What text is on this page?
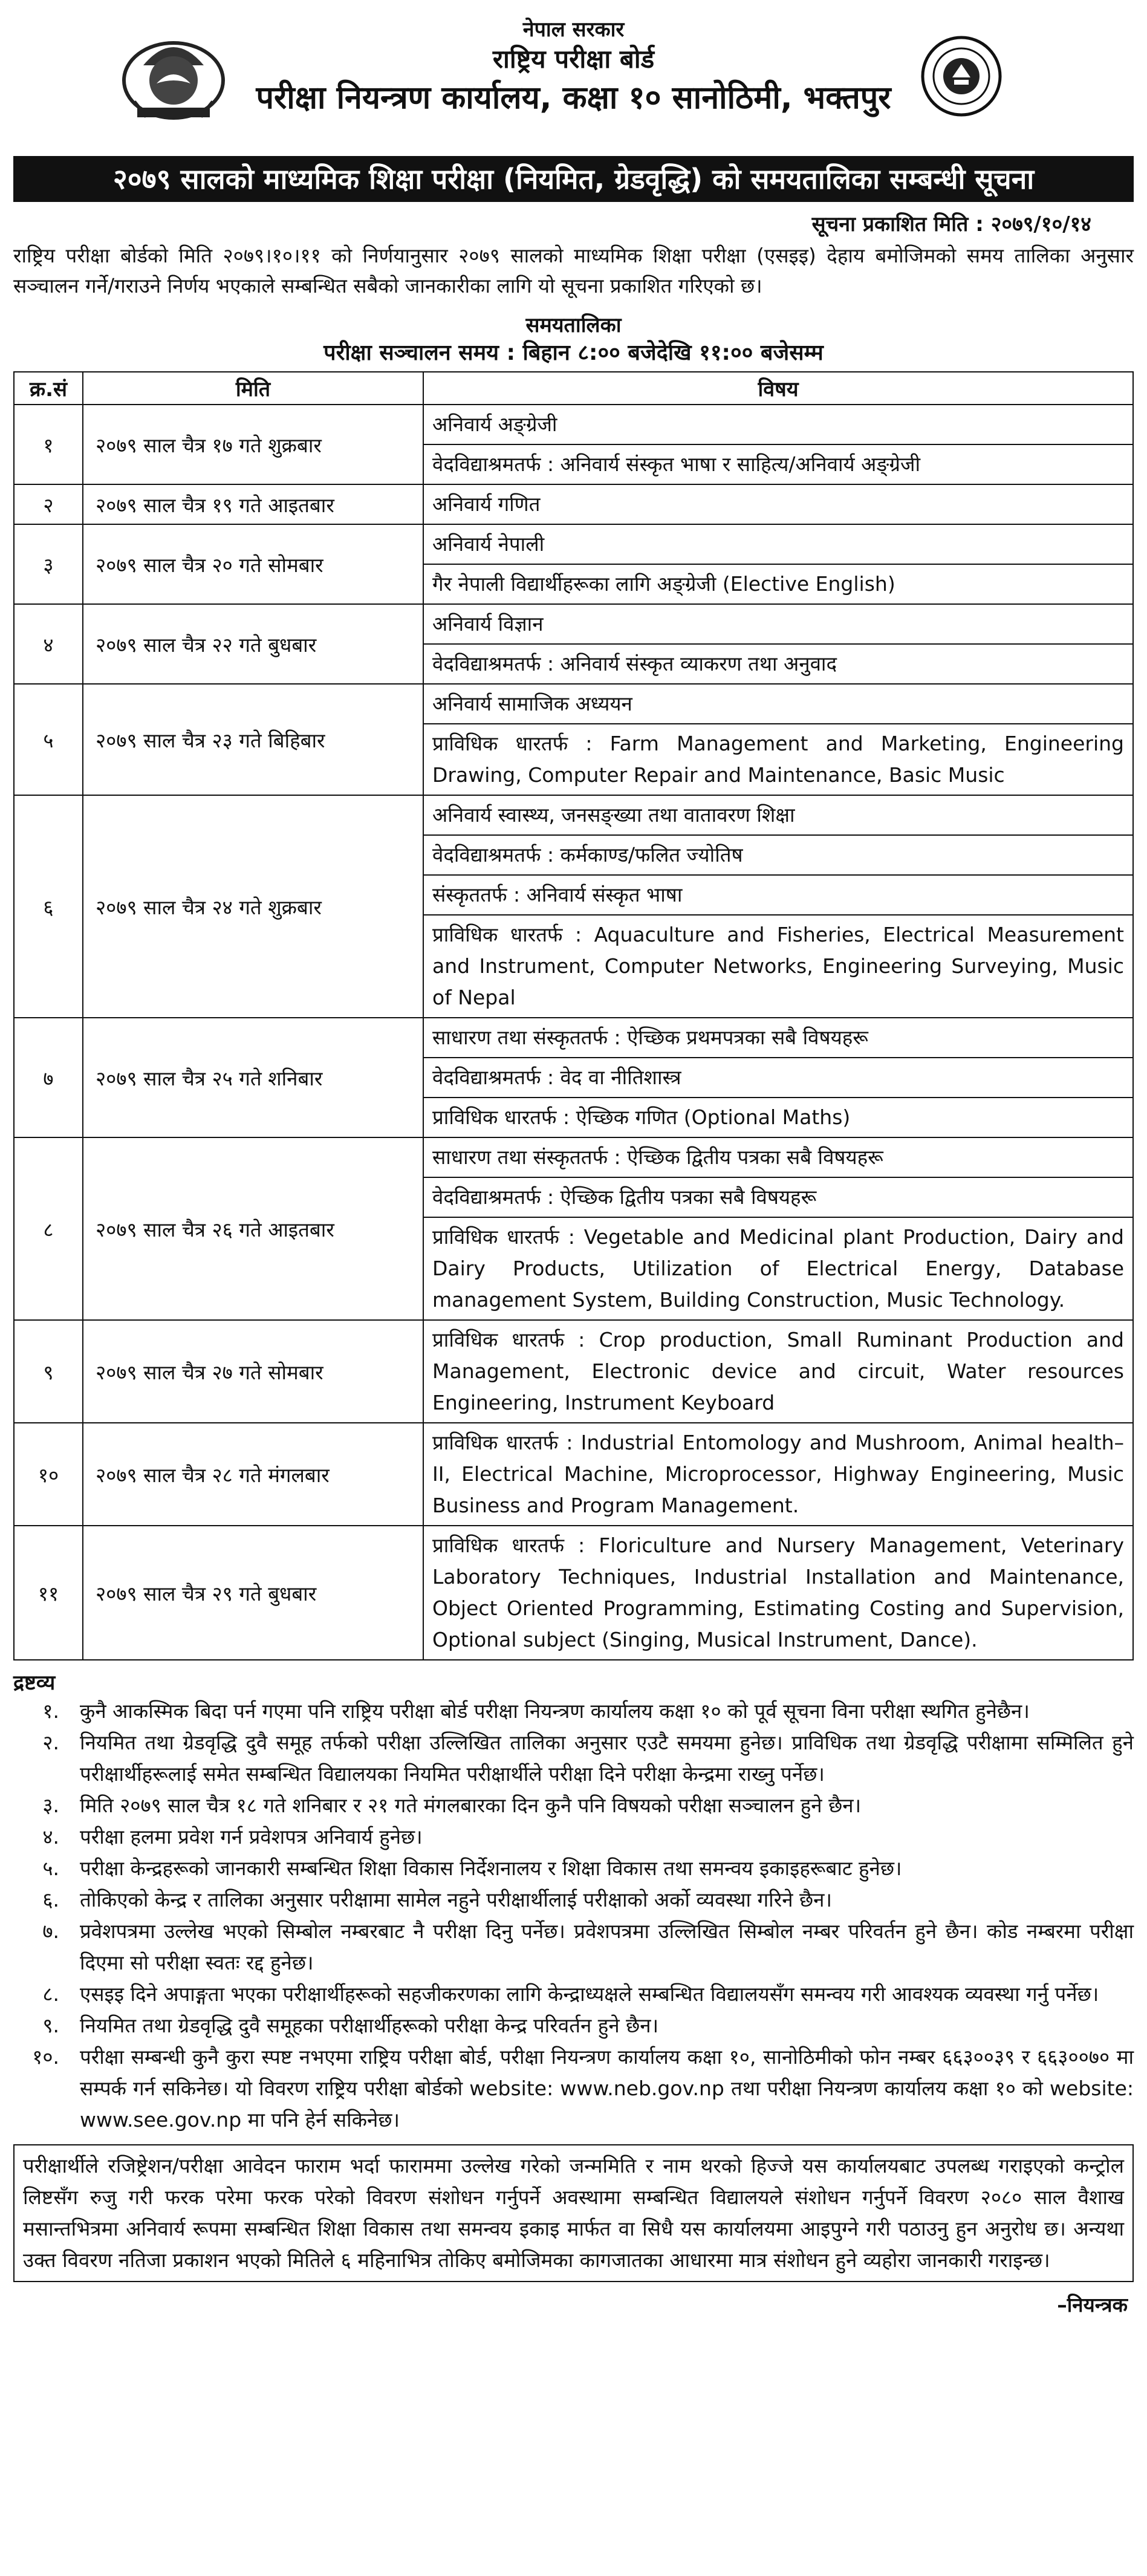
नेपाल सरकार
राष्ट्रिय परीक्षा बोर्ड
परीक्षा नियन्त्रण कार्यालय, कक्षा १० सानोठिमी, भक्तपुर
२०७९ सालको माध्यमिक शिक्षा परीक्षा (नियमित, ग्रेडवृद्धि) को समयतालिका सम्बन्धी सूचना
सूचना प्रकाशित मिति : २०७९/१०/१४
राष्ट्रिय परीक्षा बोर्डको मिति २०७९।१०।११ को निर्णयानुसार २०७९ सालको माध्यमिक शिक्षा परीक्षा (एसइइ) देहाय बमोजिमको समय तालिका अनुसार सञ्चालन गर्ने/गराउने निर्णय भएकाले सम्बन्धित सबैको जानकारीका लागि यो सूचना प्रकाशित गरिएको छ।
समयतालिका
परीक्षा सञ्चालन समय : बिहान ८:०० बजेदेखि ११:०० बजेसम्म
क्र.सं	मिति	विषय
१	२०७९ साल चैत्र १७ गते शुक्रबार	अनिवार्य अङ्ग्रेजी
वेदविद्याश्रमतर्फ : अनिवार्य संस्कृत भाषा र साहित्य/अनिवार्य अङ्ग्रेजी

२	२०७९ साल चैत्र १९ गते आइतबार	अनिवार्य गणित

३	२०७९ साल चैत्र २० गते सोमबार	अनिवार्य नेपाली
गैर नेपाली विद्यार्थीहरूका लागि अङ्ग्रेजी (Elective English)

४	२०७९ साल चैत्र २२ गते बुधबार	अनिवार्य विज्ञान
वेदविद्याश्रमतर्फ : अनिवार्य संस्कृत व्याकरण तथा अनुवाद

५	२०७९ साल चैत्र २३ गते बिहिबार	अनिवार्य सामाजिक अध्ययन
प्राविधिक धारतर्फ : Farm Management and Marketing, Engineering Drawing, Computer Repair and Maintenance, Basic Music

६	२०७९ साल चैत्र २४ गते शुक्रबार	अनिवार्य स्वास्थ्य, जनसङ्ख्या तथा वातावरण शिक्षा
वेदविद्याश्रमतर्फ : कर्मकाण्ड/फलित ज्योतिष
संस्कृततर्फ : अनिवार्य संस्कृत भाषा
प्राविधिक धारतर्फ : Aquaculture and Fisheries, Electrical Measurement and Instrument, Computer Networks, Engineering Surveying, Music of Nepal

७	२०७९ साल चैत्र २५ गते शनिबार	साधारण तथा संस्कृततर्फ : ऐच्छिक प्रथमपत्रका सबै विषयहरू
वेदविद्याश्रमतर्फ : वेद वा नीतिशास्त्र
प्राविधिक धारतर्फ : ऐच्छिक गणित (Optional Maths)

८	२०७९ साल चैत्र २६ गते आइतबार	साधारण तथा संस्कृततर्फ : ऐच्छिक द्वितीय पत्रका सबै विषयहरू
वेदविद्याश्रमतर्फ : ऐच्छिक द्वितीय पत्रका सबै विषयहरू
प्राविधिक धारतर्फ : Vegetable and Medicinal plant Production, Dairy and Dairy Products, Utilization of Electrical Energy, Database management System, Building Construction, Music Technology.

९	२०७९ साल चैत्र २७ गते सोमबार	प्राविधिक धारतर्फ : Crop production, Small Ruminant Production and Management, Electronic device and circuit, Water resources Engineering, Instrument Keyboard

१०	२०७९ साल चैत्र २८ गते मंगलबार	प्राविधिक धारतर्फ : Industrial Entomology and Mushroom, Animal health–II, Electrical Machine, Microprocessor, Highway Engineering, Music Business and Program Management.

११	२०७९ साल चैत्र २९ गते बुधबार	प्राविधिक धारतर्फ : Floriculture and Nursery Management, Veterinary Laboratory Techniques, Industrial Installation and Maintenance, Object Oriented Programming, Estimating Costing and Supervision, Optional subject (Singing, Musical Instrument, Dance).
द्रष्टव्य
१.	कुनै आकस्मिक बिदा पर्न गएमा पनि राष्ट्रिय परीक्षा बोर्ड परीक्षा नियन्त्रण कार्यालय कक्षा १० को पूर्व सूचना विना परीक्षा स्थगित हुनेछैन।
२.	नियमित तथा ग्रेडवृद्धि दुवै समूह तर्फको परीक्षा उल्लिखित तालिका अनुसार एउटै समयमा हुनेछ। प्राविधिक तथा ग्रेडवृद्धि परीक्षामा सम्मिलित हुने परीक्षार्थीहरूलाई समेत सम्बन्धित विद्यालयका नियमित परीक्षार्थीले परीक्षा दिने परीक्षा केन्द्रमा राख्नु पर्नेछ।
३.	मिति २०७९ साल चैत्र १८ गते शनिबार र २१ गते मंगलबारका दिन कुनै पनि विषयको परीक्षा सञ्चालन हुने छैन।
४.	परीक्षा हलमा प्रवेश गर्न प्रवेशपत्र अनिवार्य हुनेछ।
५.	परीक्षा केन्द्रहरूको जानकारी सम्बन्धित शिक्षा विकास निर्देशनालय र शिक्षा विकास तथा समन्वय इकाइहरूबाट हुनेछ।
६.	तोकिएको केन्द्र र तालिका अनुसार परीक्षामा सामेल नहुने परीक्षार्थीलाई परीक्षाको अर्को व्यवस्था गरिने छैन।
७.	प्रवेशपत्रमा उल्लेख भएको सिम्बोल नम्बरबाट नै परीक्षा दिनु पर्नेछ। प्रवेशपत्रमा उल्लिखित सिम्बोल नम्बर परिवर्तन हुने छैन। कोड नम्बरमा परीक्षा दिएमा सो परीक्षा स्वतः रद्द हुनेछ।
८.	एसइइ दिने अपाङ्गता भएका परीक्षार्थीहरूको सहजीकरणका लागि केन्द्राध्यक्षले सम्बन्धित विद्यालयसँग समन्वय गरी आवश्यक व्यवस्था गर्नु पर्नेछ।
९.	नियमित तथा ग्रेडवृद्धि दुवै समूहका परीक्षार्थीहरूको परीक्षा केन्द्र परिवर्तन हुने छैन।
१०.	परीक्षा सम्बन्धी कुनै कुरा स्पष्ट नभएमा राष्ट्रिय परीक्षा बोर्ड, परीक्षा नियन्त्रण कार्यालय कक्षा १०, सानोठिमीको फोन नम्बर ६६३००३९ र ६६३००७० मा सम्पर्क गर्न सकिनेछ। यो विवरण राष्ट्रिय परीक्षा बोर्डको website: www.neb.gov.np तथा परीक्षा नियन्त्रण कार्यालय कक्षा १० को website: www.see.gov.np मा पनि हेर्न सकिनेछ।
परीक्षार्थीले रजिष्ट्रेशन/परीक्षा आवेदन फाराम भर्दा फाराममा उल्लेख गरेको जन्ममिति र नाम थरको हिज्जे यस कार्यालयबाट उपलब्ध गराइएको कन्ट्रोल लिष्टसँग रुजु गरी फरक परेमा फरक परेको विवरण संशोधन गर्नुपर्ने अवस्थामा सम्बन्धित विद्यालयले संशोधन गर्नुपर्ने विवरण २०८० साल वैशाख मसान्तभित्रमा अनिवार्य रूपमा सम्बन्धित शिक्षा विकास तथा समन्वय इकाइ मार्फत वा सिधै यस कार्यालयमा आइपुग्ने गरी पठाउनु हुन अनुरोध छ। अन्यथा उक्त विवरण नतिजा प्रकाशन भएको मितिले ६ महिनाभित्र तोकिए बमोजिमका कागजातका आधारमा मात्र संशोधन हुने व्यहोरा जानकारी गराइन्छ।
–नियन्त्रक
